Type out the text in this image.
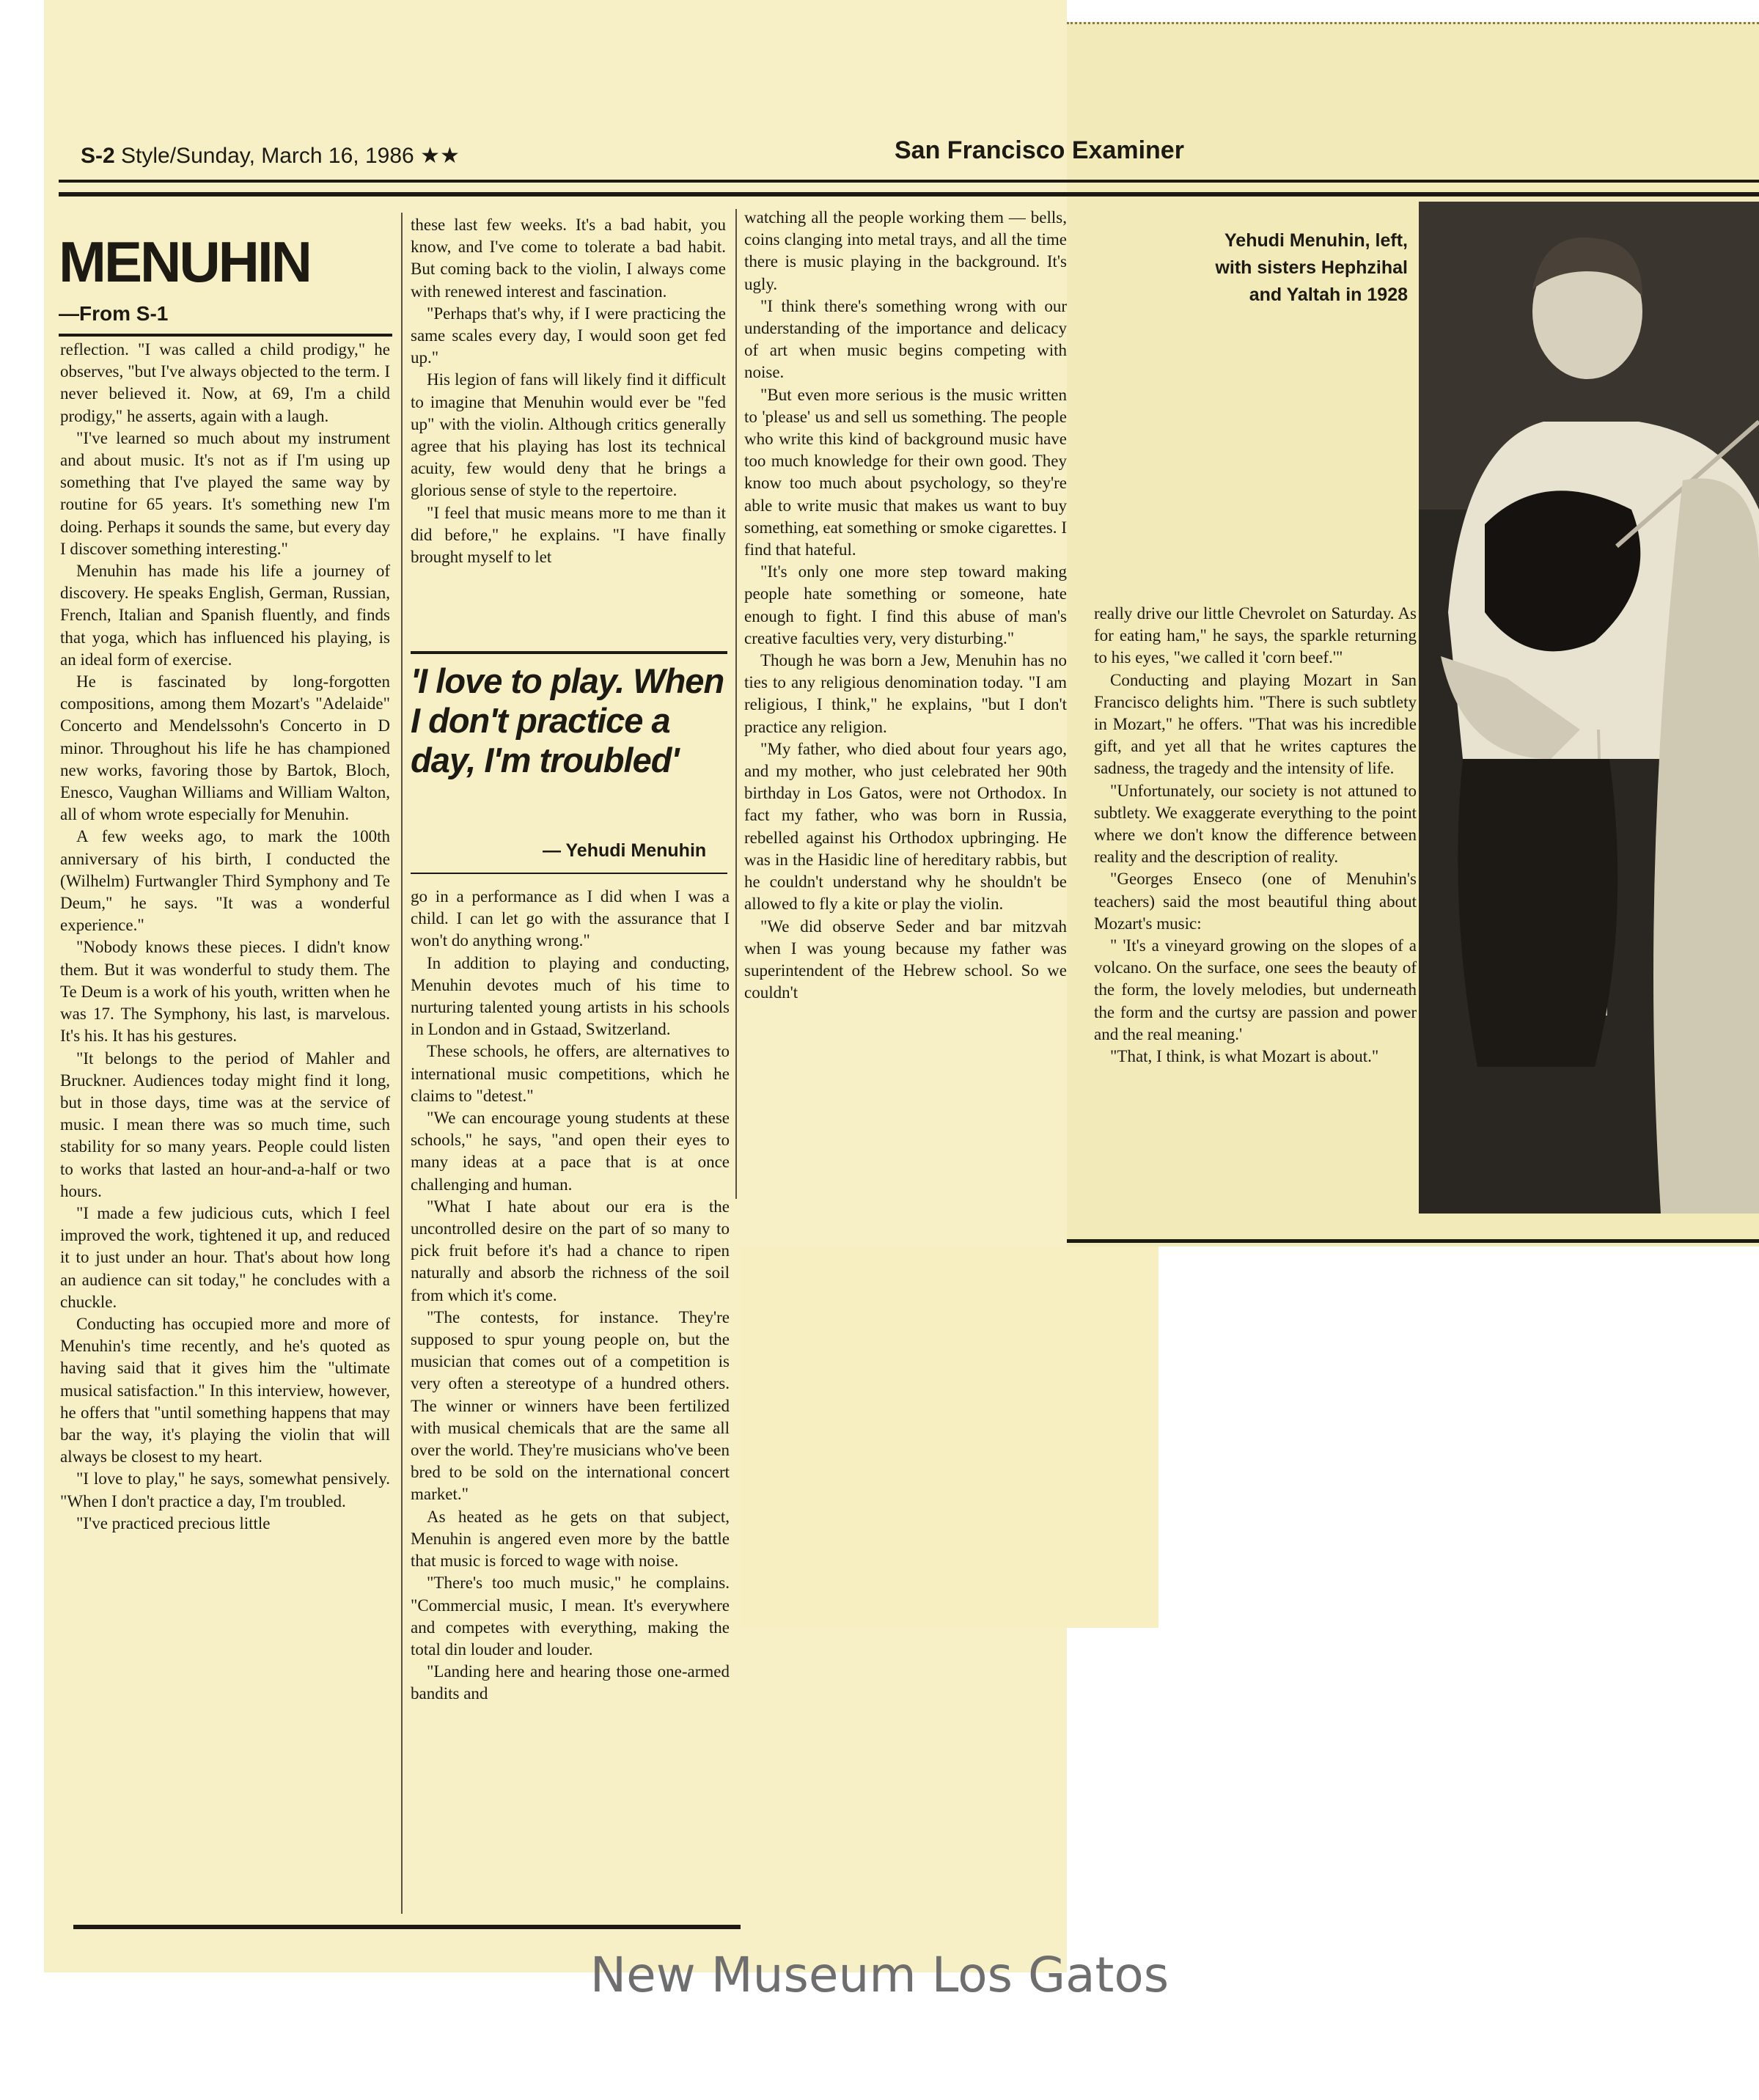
S-2 Style/Sunday, March 16, 1986 ★★	San Francisco Examiner
MENUHIN
—From S-1

reflection. "I was called a child prodigy," he observes, "but I've always objected to the term. I never believed it. Now, at 69, I'm a child prodigy," he asserts, again with a laugh.

"I've learned so much about my instrument and about music. It's not as if I'm using up something that I've played the same way by routine for 65 years. It's something new I'm doing. Perhaps it sounds the same, but every day I discover something interesting."

Menuhin has made his life a journey of discovery. He speaks English, German, Russian, French, Italian and Spanish fluently, and finds that yoga, which has influenced his playing, is an ideal form of exercise.

He is fascinated by long-forgotten compositions, among them Mozart's "Adelaide" Concerto and Mendelssohn's Concerto in D minor. Throughout his life he has championed new works, favoring those by Bartok, Bloch, Enesco, Vaughan Williams and William Walton, all of whom wrote especially for Menuhin.

A few weeks ago, to mark the 100th anniversary of his birth, I conducted the (Wilhelm) Furtwangler Third Symphony and Te Deum," he says. "It was a wonderful experience."

"Nobody knows these pieces. I didn't know them. But it was wonderful to study them. The Te Deum is a work of his youth, written when he was 17. The Symphony, his last, is marvelous. It's his. It has his gestures.

"It belongs to the period of Mahler and Bruckner. Audiences today might find it long, but in those days, time was at the service of music. I mean there was so much time, such stability for so many years. People could listen to works that lasted an hour-and-a-half or two hours.

"I made a few judicious cuts, which I feel improved the work, tightened it up, and reduced it to just under an hour. That's about how long an audience can sit today," he concludes with a chuckle.

Conducting has occupied more and more of Menuhin's time recently, and he's quoted as having said that it gives him the "ultimate musical satisfaction." In this interview, however, he offers that "until something happens that may bar the way, it's playing the violin that will always be closest to my heart.

"I love to play," he says, somewhat pensively. "When I don't practice a day, I'm troubled.

"I've practiced precious little

these last few weeks. It's a bad habit, you know, and I've come to tolerate a bad habit. But coming back to the violin, I always come with renewed interest and fascination.

"Perhaps that's why, if I were practicing the same scales every day, I would soon get fed up."

His legion of fans will likely find it difficult to imagine that Menuhin would ever be "fed up" with the violin. Although critics generally agree that his playing has lost its technical acuity, few would deny that he brings a glorious sense of style to the repertoire.

"I feel that music means more to me than it did before," he explains. "I have finally brought myself to let

'I love to play. When I don't practice a day, I'm troubled'

— Yehudi Menuhin

go in a performance as I did when I was a child. I can let go with the assurance that I won't do anything wrong."

In addition to playing and conducting, Menuhin devotes much of his time to nurturing talented young artists in his schools in London and in Gstaad, Switzerland.

These schools, he offers, are alternatives to international music competitions, which he claims to "detest."

"We can encourage young students at these schools," he says, "and open their eyes to many ideas at a pace that is at once challenging and human.

"What I hate about our era is the uncontrolled desire on the part of so many to pick fruit before it's had a chance to ripen naturally and absorb the richness of the soil from which it's come.

"The contests, for instance. They're supposed to spur young people on, but the musician that comes out of a competition is very often a stereotype of a hundred others. The winner or winners have been fertilized with musical chemicals that are the same all over the world. They're musicians who've been bred to be sold on the international concert market."

As heated as he gets on that subject, Menuhin is angered even more by the battle that music is forced to wage with noise.

"There's too much music," he complains. "Commercial music, I mean. It's everywhere and competes with everything, making the total din louder and louder.

"Landing here and hearing those one-armed bandits and

watching all the people working them — bells, coins clanging into metal trays, and all the time there is music playing in the background. It's ugly.

"I think there's something wrong with our understanding of the importance and delicacy of art when music begins competing with noise.

"But even more serious is the music written to 'please' us and sell us something. The people who write this kind of background music have too much knowledge for their own good. They know too much about psychology, so they're able to write music that makes us want to buy something, eat something or smoke cigarettes. I find that hateful.

"It's only one more step toward making people hate something or someone, hate enough to fight. I find this abuse of man's creative faculties very, very disturbing."

Though he was born a Jew, Menuhin has no ties to any religious denomination today. "I am religious, I think," he explains, "but I don't practice any religion.

"My father, who died about four years ago, and my mother, who just celebrated her 90th birthday in Los Gatos, were not Orthodox. In fact my father, who was born in Russia, rebelled against his Orthodox upbringing. He was in the Hasidic line of hereditary rabbis, but he couldn't understand why he shouldn't be allowed to fly a kite or play the violin.

"We did observe Seder and bar mitzvah when I was young because my father was superintendent of the Hebrew school. So we couldn't

really drive our little Chevrolet on Saturday. As for eating ham," he says, the sparkle returning to his eyes, "we called it 'corn beef.'"

Conducting and playing Mozart in San Francisco delights him. "There is such subtlety in Mozart," he offers. "That was his incredible gift, and yet all that he writes captures the sadness, the tragedy and the intensity of life.

"Unfortunately, our society is not attuned to subtlety. We exaggerate everything to the point where we don't know the difference between reality and the description of reality.

"Georges Enseco (one of Menuhin's teachers) said the most beautiful thing about Mozart's music:

" 'It's a vineyard growing on the slopes of a volcano. On the surface, one sees the beauty of the form, the lovely melodies, but underneath the form and the curtsy are passion and power and the real meaning.'

"That, I think, is what Mozart is about."

Yehudi Menuhin, left,
with sisters Hephzihal
and Yaltah in 1928

New Museum Los Gatos
